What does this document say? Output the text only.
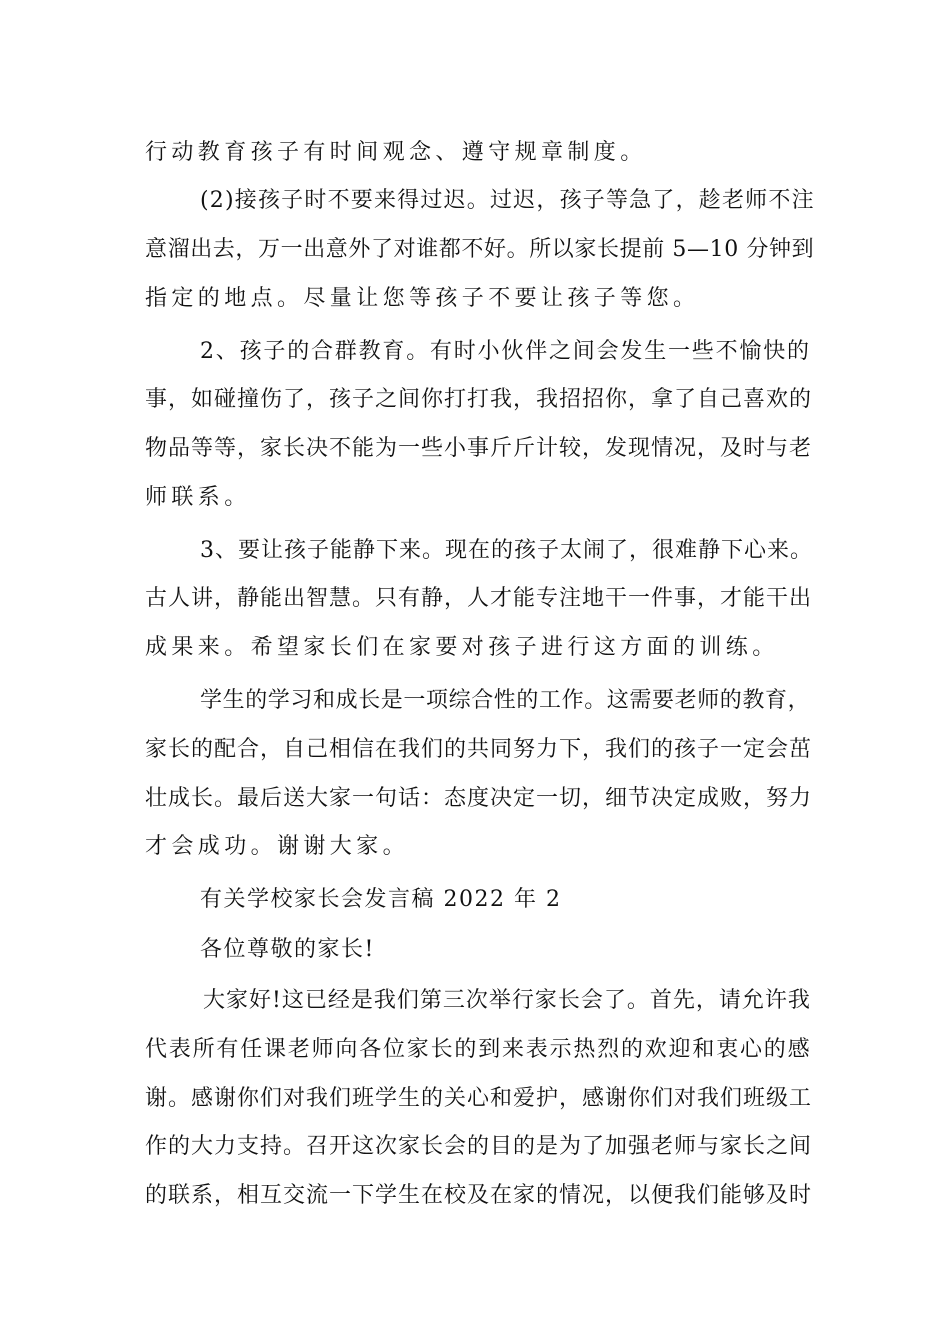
行动教育孩子有时间观念、遵守规章制度。
(2)接孩子时不要来得过迟。过迟，孩子等急了，趁老师不注
意溜出去，万一出意外了对谁都不好。所以家长提前 5—10 分钟到
指定的地点。尽量让您等孩子不要让孩子等您。
2、孩子的合群教育。有时小伙伴之间会发生一些不愉快的
事，如碰撞伤了，孩子之间你打打我，我招招你，拿了自己喜欢的
物品等等，家长决不能为一些小事斤斤计较，发现情况，及时与老
师联系。
3、要让孩子能静下来。现在的孩子太闹了，很难静下心来。
古人讲，静能出智慧。只有静，人才能专注地干一件事，才能干出
成果来。希望家长们在家要对孩子进行这方面的训练。
学生的学习和成长是一项综合性的工作。这需要老师的教育，
家长的配合，自己相信在我们的共同努力下，我们的孩子一定会茁
壮成长。最后送大家一句话：态度决定一切，细节决定成败，努力
才会成功。谢谢大家。
有关学校家长会发言稿 2022 年 2
各位尊敬的家长!
大家好!这已经是我们第三次举行家长会了。首先，请允许我
代表所有任课老师向各位家长的到来表示热烈的欢迎和衷心的感
谢。感谢你们对我们班学生的关心和爱护，感谢你们对我们班级工
作的大力支持。召开这次家长会的目的是为了加强老师与家长之间
的联系，相互交流一下学生在校及在家的情况，以便我们能够及时
